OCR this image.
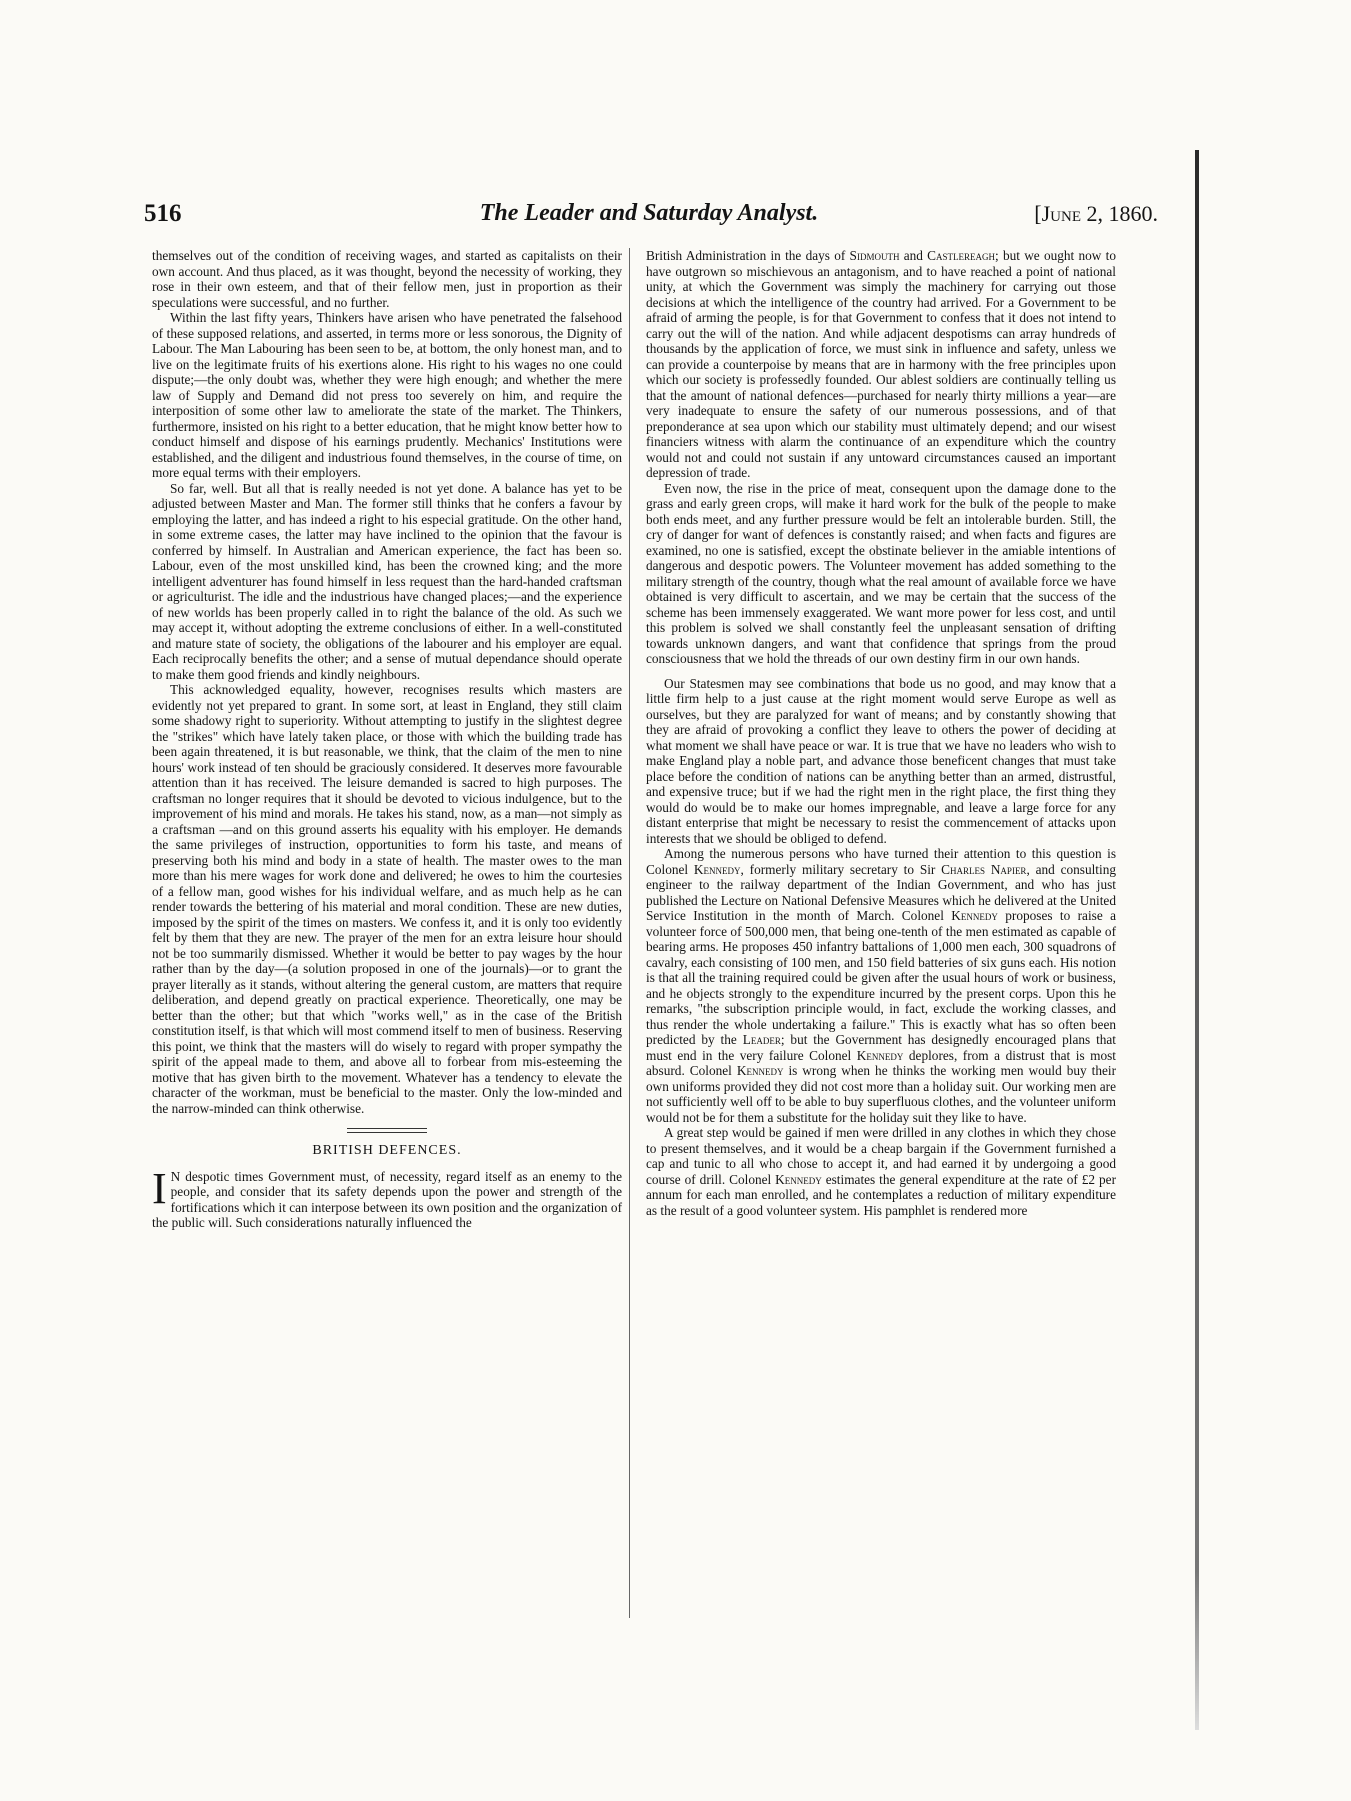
516	The Leader and Saturday Analyst.	[June 2, 1860.

themselves out of the condition of receiving wages, and started as capitalists on their own account. And thus placed, as it was thought, beyond the necessity of working, they rose in their own esteem, and that of their fellow men, just in proportion as their speculations were successful, and no further.

Within the last fifty years, Thinkers have arisen who have penetrated the falsehood of these supposed relations, and asserted, in terms more or less sonorous, the Dignity of Labour. The Man Labouring has been seen to be, at bottom, the only honest man, and to live on the legitimate fruits of his exertions alone. His right to his wages no one could dispute;—the only doubt was, whether they were high enough; and whether the mere law of Supply and Demand did not press too severely on him, and require the interposition of some other law to ameliorate the state of the market. The Thinkers, furthermore, insisted on his right to a better education, that he might know better how to conduct himself and dispose of his earnings prudently. Mechanics' Institutions were established, and the diligent and industrious found themselves, in the course of time, on more equal terms with their employers.

So far, well. But all that is really needed is not yet done. A balance has yet to be adjusted between Master and Man. The former still thinks that he confers a favour by employing the latter, and has indeed a right to his especial gratitude. On the other hand, in some extreme cases, the latter may have inclined to the opinion that the favour is conferred by himself. In Australian and American experience, the fact has been so. Labour, even of the most unskilled kind, has been the crowned king; and the more intelligent adventurer has found himself in less request than the hard-handed craftsman or agriculturist. The idle and the industrious have changed places;—and the experience of new worlds has been properly called in to right the balance of the old. As such we may accept it, without adopting the extreme conclusions of either. In a well-constituted and mature state of society, the obligations of the labourer and his employer are equal. Each reciprocally benefits the other; and a sense of mutual dependance should operate to make them good friends and kindly neighbours.

This acknowledged equality, however, recognises results which masters are evidently not yet prepared to grant. In some sort, at least in England, they still claim some shadowy right to superiority. Without attempting to justify in the slightest degree the "strikes" which have lately taken place, or those with which the building trade has been again threatened, it is but reasonable, we think, that the claim of the men to nine hours' work instead of ten should be graciously considered. It deserves more favourable attention than it has received. The leisure demanded is sacred to high purposes. The craftsman no longer requires that it should be devoted to vicious indulgence, but to the improvement of his mind and morals. He takes his stand, now, as a man—not simply as a craftsman —and on this ground asserts his equality with his employer. He demands the same privileges of instruction, opportunities to form his taste, and means of preserving both his mind and body in a state of health. The master owes to the man more than his mere wages for work done and delivered; he owes to him the courtesies of a fellow man, good wishes for his individual welfare, and as much help as he can render towards the bettering of his material and moral condition. These are new duties, imposed by the spirit of the times on masters. We confess it, and it is only too evidently felt by them that they are new. The prayer of the men for an extra leisure hour should not be too summarily dismissed. Whether it would be better to pay wages by the hour rather than by the day—(a solution proposed in one of the journals)—or to grant the prayer literally as it stands, without altering the general custom, are matters that require deliberation, and depend greatly on practical experience. Theoretically, one may be better than the other; but that which "works well," as in the case of the British constitution itself, is that which will most commend itself to men of business. Reserving this point, we think that the masters will do wisely to regard with proper sympathy the spirit of the appeal made to them, and above all to forbear from mis-esteeming the motive that has given birth to the movement. Whatever has a tendency to elevate the character of the workman, must be beneficial to the master. Only the low-minded and the narrow-minded can think otherwise.

BRITISH DEFENCES.

I N despotic times Government must, of necessity, regard itself as an enemy to the people, and consider that its safety depends upon the power and strength of the fortifications which it can interpose between its own position and the organization of the public will. Such considerations naturally influenced the

British Administration in the days of Sidmouth and Castlereagh; but we ought now to have outgrown so mischievous an antagonism, and to have reached a point of national unity, at which the Government was simply the machinery for carrying out those decisions at which the intelligence of the country had arrived. For a Government to be afraid of arming the people, is for that Government to confess that it does not intend to carry out the will of the nation. And while adjacent despotisms can array hundreds of thousands by the application of force, we must sink in influence and safety, unless we can provide a counterpoise by means that are in harmony with the free principles upon which our society is professedly founded. Our ablest soldiers are continually telling us that the amount of national defences—purchased for nearly thirty millions a year—are very inadequate to ensure the safety of our numerous possessions, and of that preponderance at sea upon which our stability must ultimately depend; and our wisest financiers witness with alarm the continuance of an expenditure which the country would not and could not sustain if any untoward circumstances caused an important depression of trade.

Even now, the rise in the price of meat, consequent upon the damage done to the grass and early green crops, will make it hard work for the bulk of the people to make both ends meet, and any further pressure would be felt an intolerable burden. Still, the cry of danger for want of defences is constantly raised; and when facts and figures are examined, no one is satisfied, except the obstinate believer in the amiable intentions of dangerous and despotic powers. The Volunteer movement has added something to the military strength of the country, though what the real amount of available force we have obtained is very difficult to ascertain, and we may be certain that the success of the scheme has been immensely exaggerated. We want more power for less cost, and until this problem is solved we shall constantly feel the unpleasant sensation of drifting towards unknown dangers, and want that confidence that springs from the proud consciousness that we hold the threads of our own destiny firm in our own hands.

Our Statesmen may see combinations that bode us no good, and may know that a little firm help to a just cause at the right moment would serve Europe as well as ourselves, but they are paralyzed for want of means; and by constantly showing that they are afraid of provoking a conflict they leave to others the power of deciding at what moment we shall have peace or war. It is true that we have no leaders who wish to make England play a noble part, and advance those beneficent changes that must take place before the condition of nations can be anything better than an armed, distrustful, and expensive truce; but if we had the right men in the right place, the first thing they would do would be to make our homes impregnable, and leave a large force for any distant enterprise that might be necessary to resist the commencement of attacks upon interests that we should be obliged to defend.

Among the numerous persons who have turned their attention to this question is Colonel Kennedy, formerly military secretary to Sir Charles Napier, and consulting engineer to the railway department of the Indian Government, and who has just published the Lecture on National Defensive Measures which he delivered at the United Service Institution in the month of March. Colonel Kennedy proposes to raise a volunteer force of 500,000 men, that being one-tenth of the men estimated as capable of bearing arms. He proposes 450 infantry battalions of 1,000 men each, 300 squadrons of cavalry, each consisting of 100 men, and 150 field batteries of six guns each. His notion is that all the training required could be given after the usual hours of work or business, and he objects strongly to the expenditure incurred by the present corps. Upon this he remarks, "the subscription principle would, in fact, exclude the working classes, and thus render the whole undertaking a failure." This is exactly what has so often been predicted by the Leader; but the Government has designedly encouraged plans that must end in the very failure Colonel Kennedy deplores, from a distrust that is most absurd. Colonel Kennedy is wrong when he thinks the working men would buy their own uniforms provided they did not cost more than a holiday suit. Our working men are not sufficiently well off to be able to buy superfluous clothes, and the volunteer uniform would not be for them a substitute for the holiday suit they like to have.

A great step would be gained if men were drilled in any clothes in which they chose to present themselves, and it would be a cheap bargain if the Government furnished a cap and tunic to all who chose to accept it, and had earned it by undergoing a good course of drill. Colonel Kennedy estimates the general expenditure at the rate of £2 per annum for each man enrolled, and he contemplates a reduction of military expenditure as the result of a good volunteer system. His pamphlet is rendered more
